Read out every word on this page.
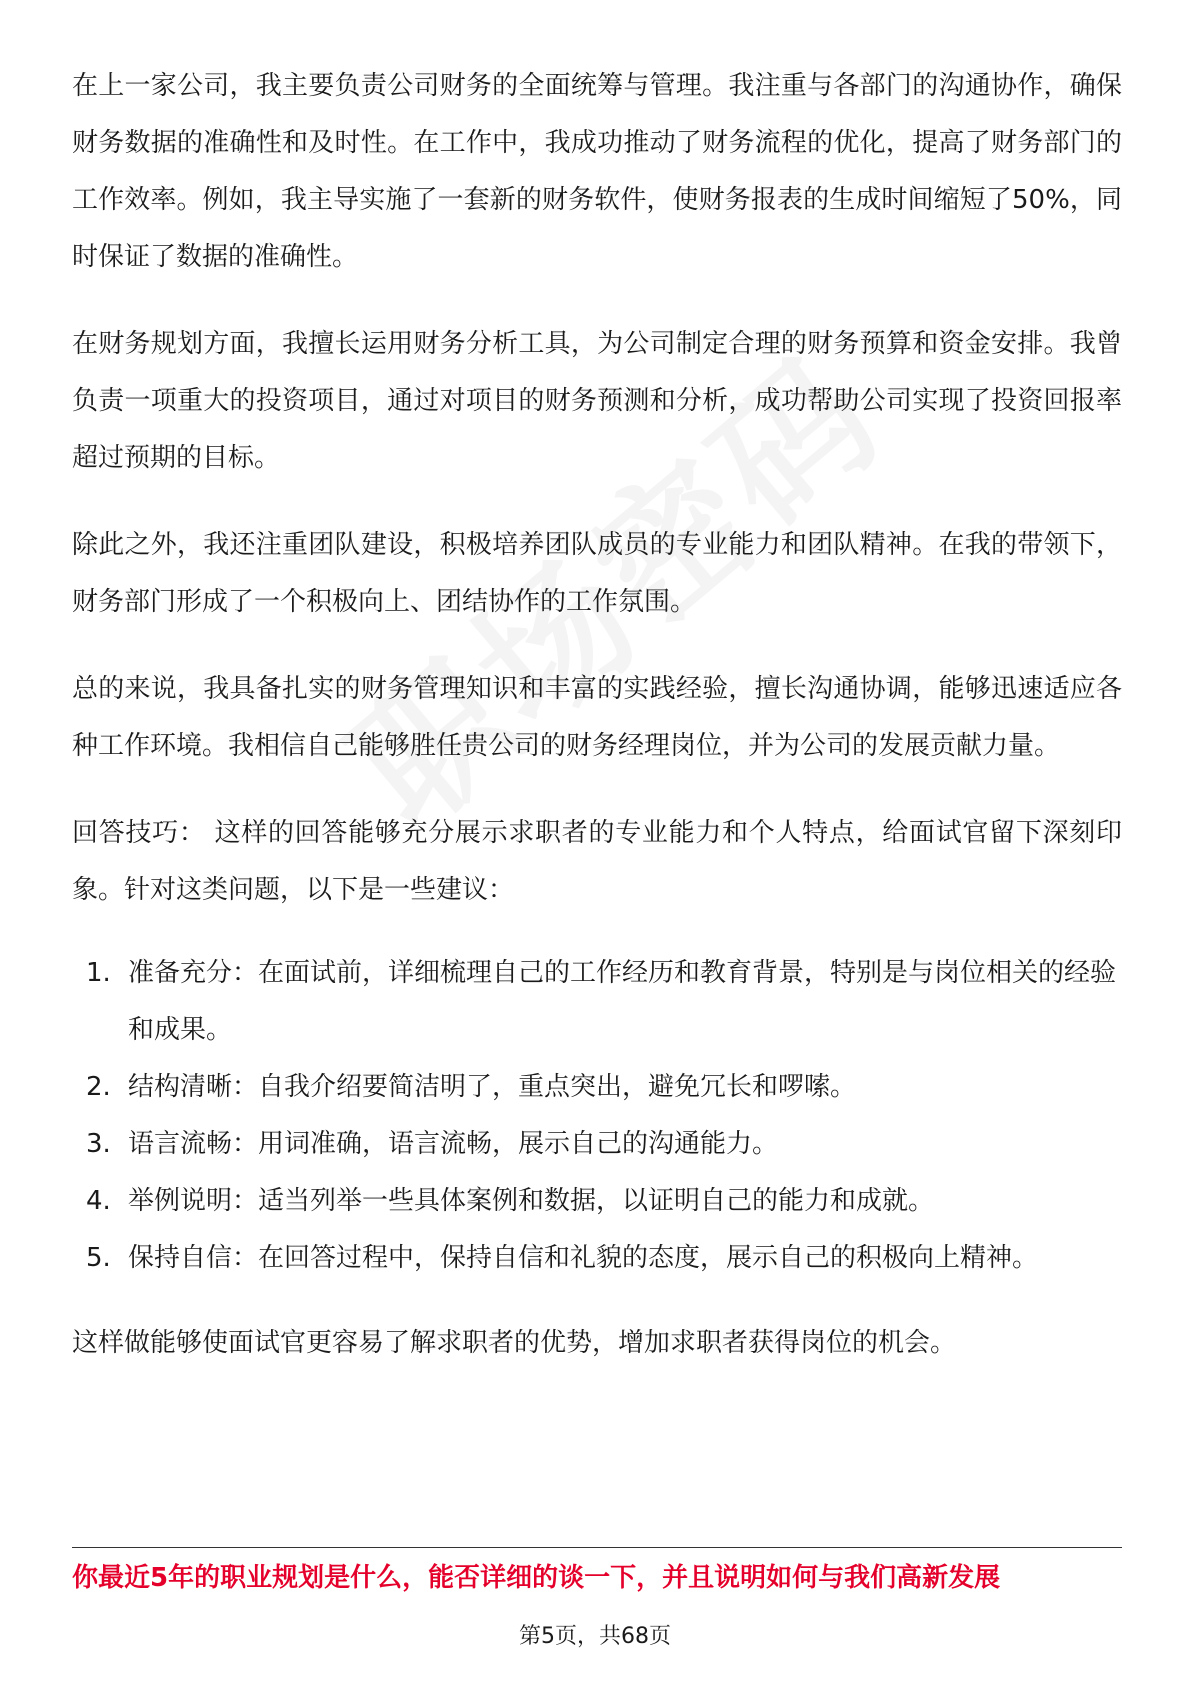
在上一家公司，我主要负责公司财务的全面统筹与管理。我注重与各部门的沟通协作，确保财务数据的准确性和及时性。在工作中，我成功推动了财务流程的优化，提高了财务部门的工作效率。例如，我主导实施了一套新的财务软件，使财务报表的生成时间缩短了50%，同时保证了数据的准确性。

在财务规划方面，我擅长运用财务分析工具，为公司制定合理的财务预算和资金安排。我曾负责一项重大的投资项目，通过对项目的财务预测和分析，成功帮助公司实现了投资回报率超过预期的目标。

除此之外，我还注重团队建设，积极培养团队成员的专业能力和团队精神。在我的带领下，财务部门形成了一个积极向上、团结协作的工作氛围。

总的来说，我具备扎实的财务管理知识和丰富的实践经验，擅长沟通协调，能够迅速适应各种工作环境。我相信自己能够胜任贵公司的财务经理岗位，并为公司的发展贡献力量。

回答技巧： 这样的回答能够充分展示求职者的专业能力和个人特点，给面试官留下深刻印象。针对这类问题，以下是一些建议：

1. 准备充分：在面试前，详细梳理自己的工作经历和教育背景，特别是与岗位相关的经验和成果。
2. 结构清晰：自我介绍要简洁明了，重点突出，避免冗长和啰嗦。
3. 语言流畅：用词准确，语言流畅，展示自己的沟通能力。
4. 举例说明：适当列举一些具体案例和数据，以证明自己的能力和成就。
5. 保持自信：在回答过程中，保持自信和礼貌的态度，展示自己的积极向上精神。

这样做能够使面试官更容易了解求职者的优势，增加求职者获得岗位的机会。

你最近5年的职业规划是什么，能否详细的谈一下，并且说明如何与我们高新发展
第5页，共68页
